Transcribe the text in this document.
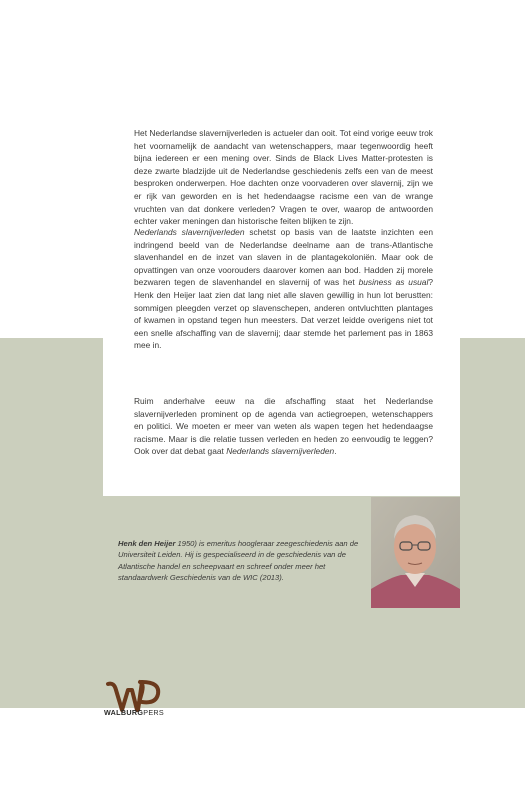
Het Nederlandse slavernijverleden is actueler dan ooit. Tot eind vorige eeuw trok het voornamelijk de aandacht van wetenschappers, maar tegenwoordig heeft bijna iedereen er een mening over. Sinds de Black Lives Matter-protesten is deze zwarte bladzijde uit de Nederlandse geschiedenis zelfs een van de meest besproken onderwerpen. Hoe dachten onze voorvaderen over slavernij, zijn we er rijk van geworden en is het hedendaagse racisme een van de wrange vruchten van dat donkere verleden? Vragen te over, waarop de antwoorden echter vaker meningen dan historische feiten blijken te zijn.

Nederlands slavernijverleden schetst op basis van de laatste inzichten een indringend beeld van de Nederlandse deelname aan de trans-Atlantische slavenhandel en de inzet van slaven in de plantagekoloniën. Maar ook de opvattingen van onze voorouders daarover komen aan bod. Hadden zij morele bezwaren tegen de slavenhandel en slavernij of was het business as usual? Henk den Heijer laat zien dat lang niet alle slaven gewillig in hun lot berustten: sommigen pleegden verzet op slavenschepen, anderen ontvluchtten plantages of kwamen in opstand tegen hun meesters. Dat verzet leidde overigens niet tot een snelle afschaffing van de slavernij; daar stemde het parlement pas in 1863 mee in.

Ruim anderhalve eeuw na die afschaffing staat het Nederlandse slavernijverleden prominent op de agenda van actiegroepen, wetenschappers en politici. We moeten er meer van weten als wapen tegen het hedendaagse racisme. Maar is die relatie tussen verleden en heden zo eenvoudig te leggen? Ook over dat debat gaat Nederlands slavernijverleden.

Henk den Heijer 1950) is emeritus hoogleraar zeegeschiedenis aan de Universiteit Leiden. Hij is gespecialiseerd in de geschiedenis van de Atlantische handel en scheepvaart en schreef onder meer het standaardwerk Geschiedenis van de WIC (2013).

WALBURGPERS
